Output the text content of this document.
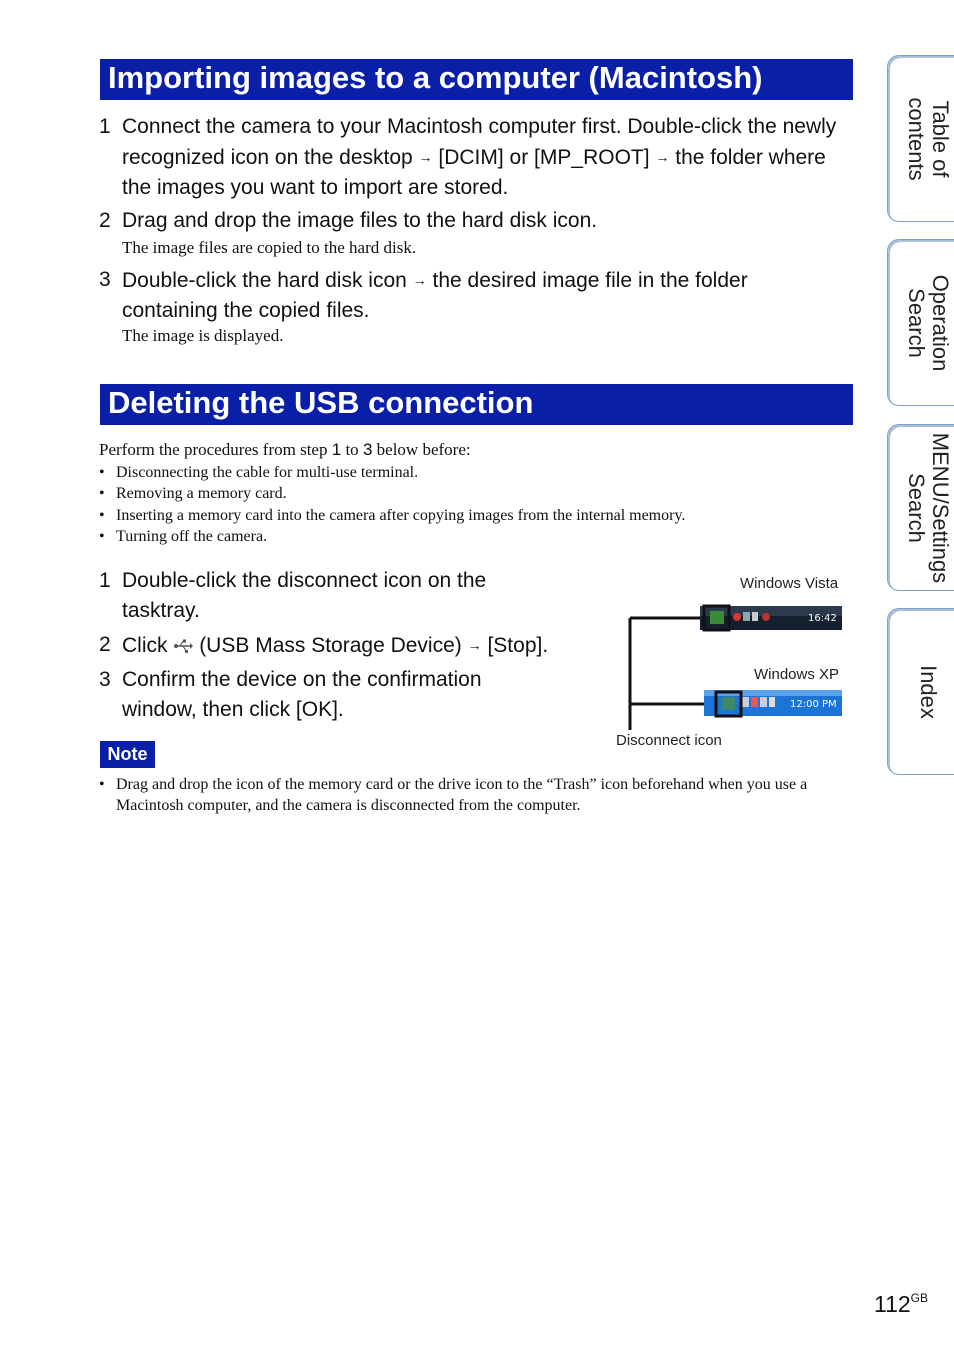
Importing images to a computer (Macintosh)
1 Connect the camera to your Macintosh computer first. Double-click the newly recognized icon on the desktop → [DCIM] or [MP_ROOT] → the folder where the images you want to import are stored.
2 Drag and drop the image files to the hard disk icon.
The image files are copied to the hard disk.
3 Double-click the hard disk icon → the desired image file in the folder containing the copied files.
The image is displayed.
Deleting the USB connection
Perform the procedures from step 1 to 3 below before:
• Disconnecting the cable for multi-use terminal.
• Removing a memory card.
• Inserting a memory card into the camera after copying images from the internal memory.
• Turning off the camera.
1 Double-click the disconnect icon on the tasktray.
2 Click (USB Mass Storage Device) → [Stop].
3 Confirm the device on the confirmation window, then click [OK].
Windows Vista
Windows XP
Disconnect icon
16:42
12:00 PM
Note
• Drag and drop the icon of the memory card or the drive icon to the “Trash” icon beforehand when you use a Macintosh computer, and the camera is disconnected from the computer.
Table of
contents
Operation
Search
MENU/Settings
Search
Index
$112^{GB}$
